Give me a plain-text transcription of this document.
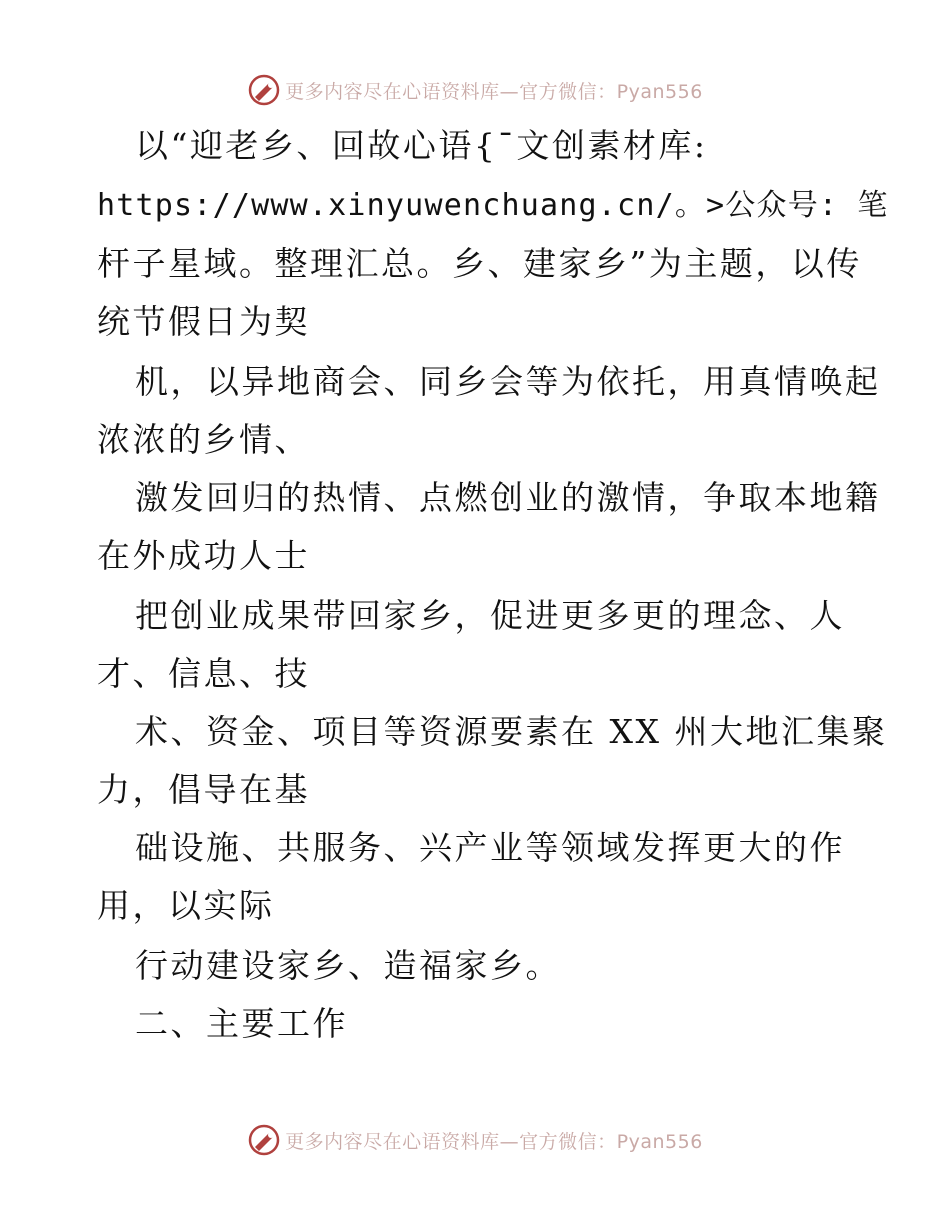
更多内容尽在心语资料库—官方微信：Pyan556
以“迎老乡、回故心语{ˉ文创素材库:
https://www.xinyuwenchuang.cn/。>公众号: 笔
杆子星域。整理汇总。乡、建家乡”为主题，以传
统节假日为契
机，以异地商会、同乡会等为依托，用真情唤起
浓浓的乡情、
激发回归的热情、点燃创业的激情，争取本地籍
在外成功人士
把创业成果带回家乡，促进更多更的理念、人
才、信息、技
术、资金、项目等资源要素在 XX 州大地汇集聚
力，倡导在基
础设施、共服务、兴产业等领域发挥更大的作
用，以实际
行动建设家乡、造福家乡。
二、主要工作
更多内容尽在心语资料库—官方微信：Pyan556
